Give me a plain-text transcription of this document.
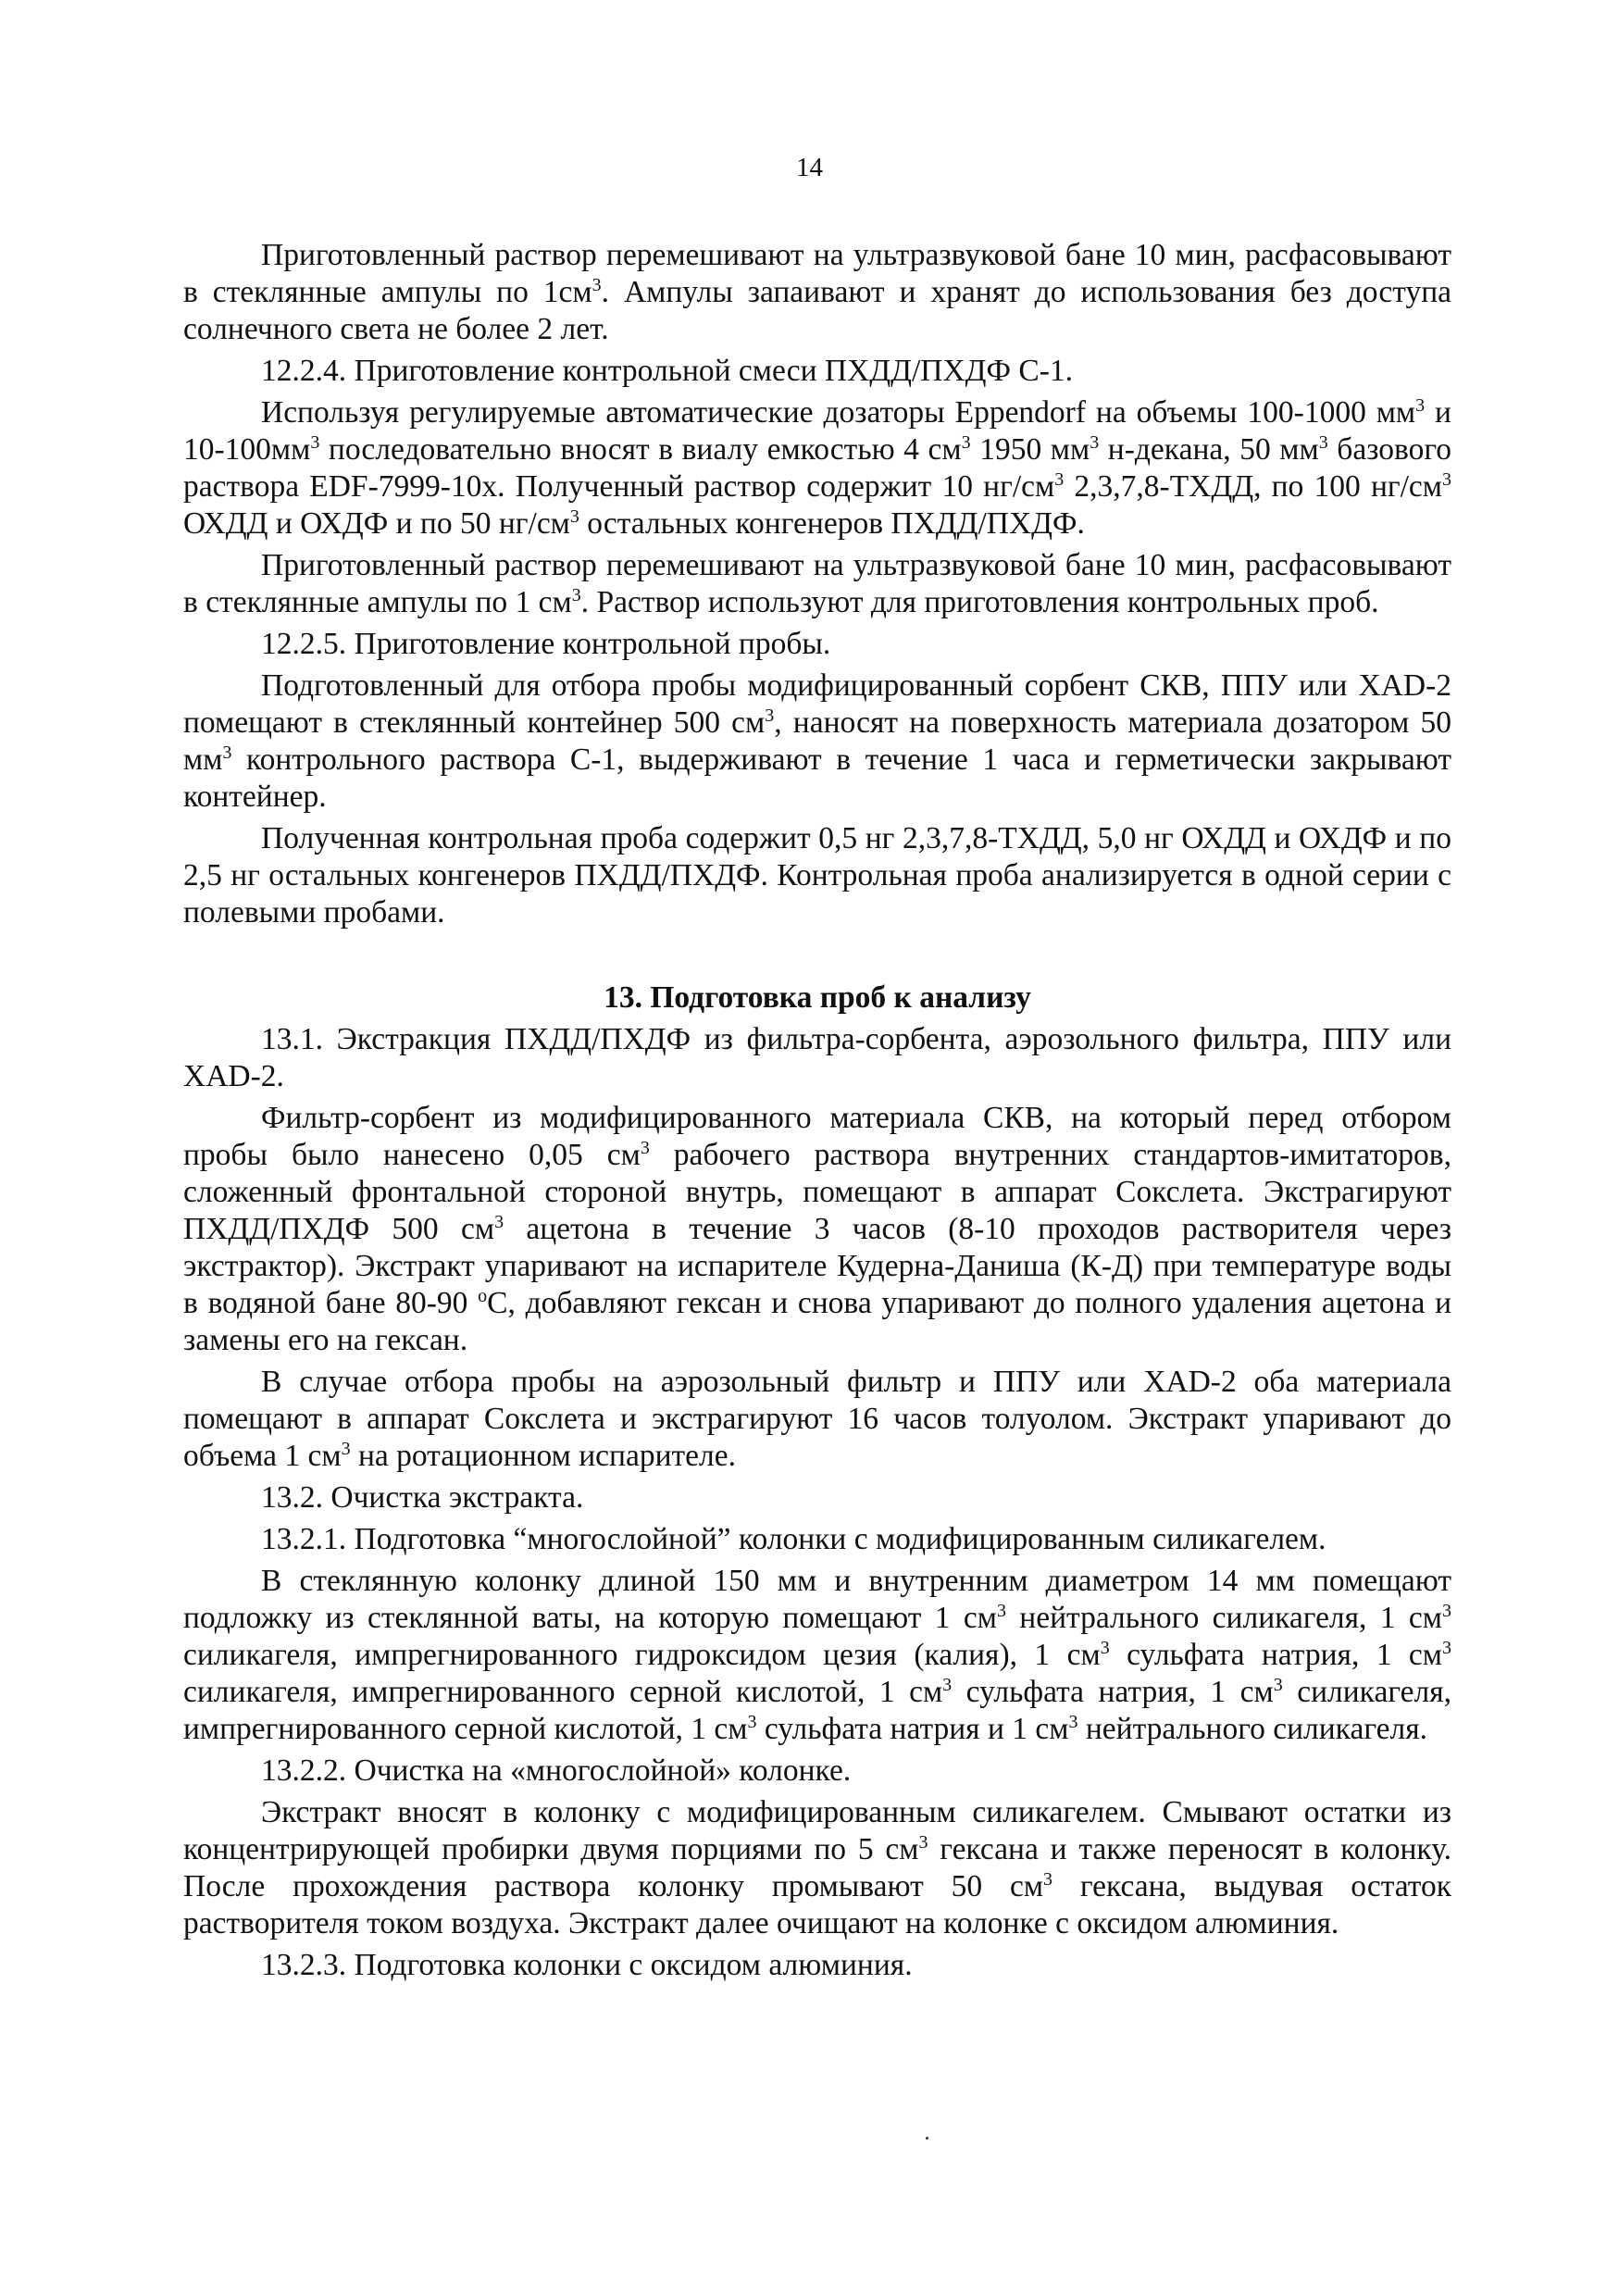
14

Приготовленный раствор перемешивают на ультразвуковой бане 10 мин, расфасовывают в стеклянные ампулы по $1см^3$. Ампулы запаивают и хранят до использования без доступа солнечного света не более 2 лет.

12.2.4. Приготовление контрольной смеси ПХДД/ПХДФ С-1.

Используя регулируемые автоматические дозаторы Eppendorf на объемы 100-1000 $мм^3$ и $10-100мм^3$ последовательно вносят в виалу емкостью 4 $см^3$ 1950 $мм^3$ н-декана, 50 $мм^3$ базового раствора EDF-7999-10x. Полученный раствор содержит 10 $нг/см^3$ 2,3,7,8-ТХДД, по 100 $нг/см^3$ ОХДД и ОХДФ и по 50 $нг/см^3$ остальных конгенеров ПХДД/ПХДФ.

Приготовленный раствор перемешивают на ультразвуковой бане 10 мин, расфасовывают в стеклянные ампулы по 1 $см^3$. Раствор используют для приготовления контрольных проб.

12.2.5. Приготовление контрольной пробы.

Подготовленный для отбора пробы модифицированный сорбент СКВ, ППУ или XAD-2 помещают в стеклянный контейнер 500 $см^3$, наносят на поверхность материала дозатором 50 $мм^3$ контрольного раствора С-1, выдерживают в течение 1 часа и герметически закрывают контейнер.

Полученная контрольная проба содержит 0,5 нг 2,3,7,8-ТХДД, 5,0 нг ОХДД и ОХДФ и по 2,5 нг остальных конгенеров ПХДД/ПХДФ. Контрольная проба анализируется в одной серии с полевыми пробами.

13. Подготовка проб к анализу

13.1. Экстракция ПХДД/ПХДФ из фильтра-сорбента, аэрозольного фильтра, ППУ или XAD-2.

Фильтр-сорбент из модифицированного материала СКВ, на который перед отбором пробы было нанесено 0,05 $см^3$ рабочего раствора внутренних стандартов-имитаторов, сложенный фронтальной стороной внутрь, помещают в аппарат Сокслета. Экстрагируют ПХДД/ПХДФ 500 $см^3$ ацетона в течение 3 часов (8-10 проходов растворителя через экстрактор). Экстракт упаривают на испарителе Кудерна-Даниша (К-Д) при температуре воды в водяной бане 80-90 $^о$С, добавляют гексан и снова упаривают до полного удаления ацетона и замены его на гексан.

В случае отбора пробы на аэрозольный фильтр и ППУ или XAD-2 оба материала помещают в аппарат Сокслета и экстрагируют 16 часов толуолом. Экстракт упаривают до объема 1 $см^3$ на ротационном испарителе.

13.2. Очистка экстракта.

13.2.1. Подготовка “многослойной” колонки с модифицированным силикагелем.

В стеклянную колонку длиной 150 мм и внутренним диаметром 14 мм помещают подложку из стеклянной ваты, на которую помещают 1 $см^3$ нейтрального силикагеля, 1 $см^3$ силикагеля, импрегнированного гидроксидом цезия (калия), 1 $см^3$ сульфата натрия, 1 $см^3$ силикагеля, импрегнированного серной кислотой, 1 $см^3$ сульфата натрия, 1 $см^3$ силикагеля, импрегнированного серной кислотой, 1 $см^3$ сульфата натрия и 1 $см^3$ нейтрального силикагеля.

13.2.2. Очистка на «многослойной» колонке.

Экстракт вносят в колонку с модифицированным силикагелем. Смывают остатки из концентрирующей пробирки двумя порциями по 5 $см^3$ гексана и также переносят в колонку. После прохождения раствора колонку промывают 50 $см^3$ гексана, выдувая остаток растворителя током воздуха. Экстракт далее очищают на колонке с оксидом алюминия.

13.2.3. Подготовка колонки с оксидом алюминия.
